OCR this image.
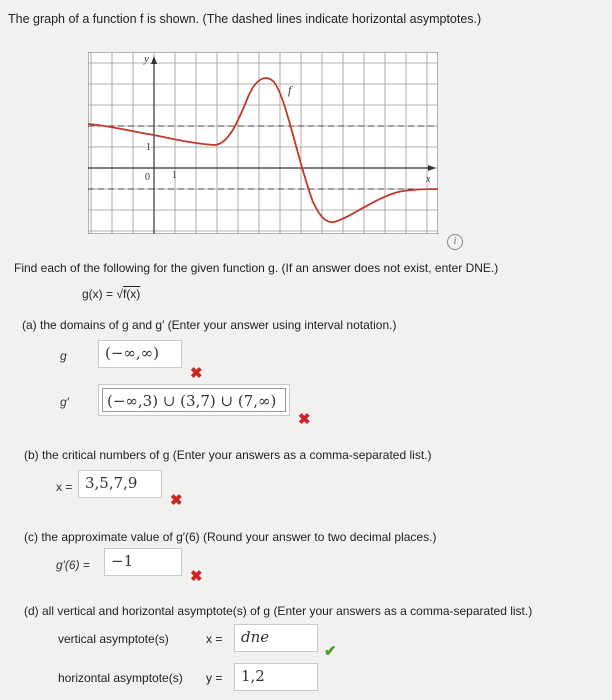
The graph of a function f is shown. (The dashed lines indicate horizontal asymptotes.)
y
x
f
1
0 1
i
Find each of the following for the given function g. (If an answer does not exist, enter DNE.)
g(x) = √f(x)
(a) the domains of g and g′ (Enter your answer using interval notation.)
g	(−∞,∞)
✖
g′	(−∞,3) ∪ (3,7) ∪ (7,∞)
✖
(b) the critical numbers of g (Enter your answers as a comma-separated list.)
x = 3,5,7,9
✖
(c) the approximate value of g′(6) (Round your answer to two decimal places.)
g′(6) =	−1
✖
(d) all vertical and horizontal asymptote(s) of g (Enter your answers as a comma-separated list.)
vertical asymptote(s)	x =	dne
✔
horizontal asymptote(s) y =	1,2
